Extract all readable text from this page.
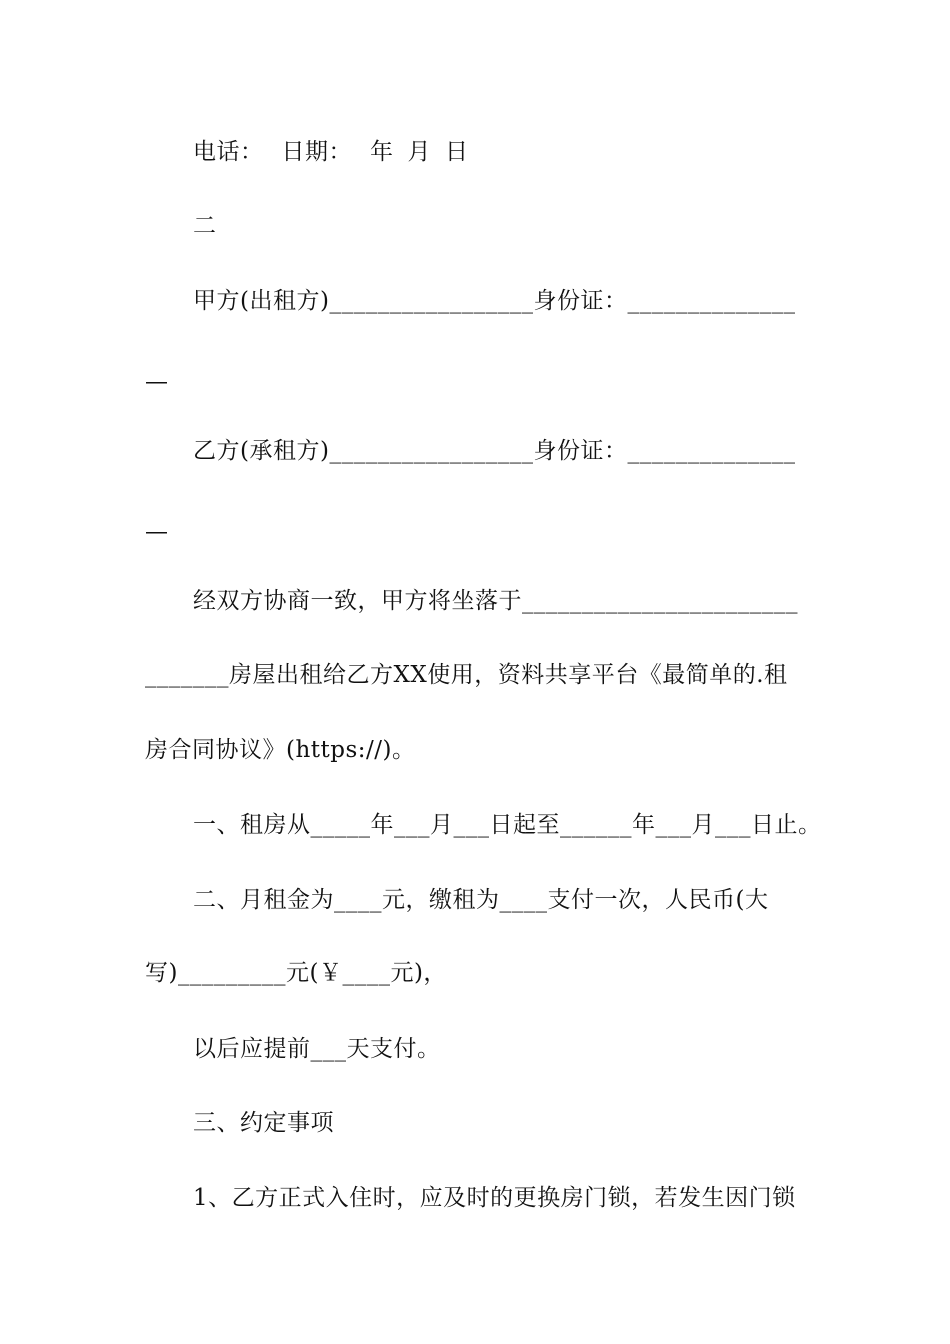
电话： 日期： 年 月 日
二
甲方(出租方)_________________身份证：______________
—
乙方(承租方)_________________身份证：______________
—
经双方协商一致，甲方将坐落于_______________________
_______房屋出租给乙方XX使用，资料共享平台《最简单的.租
房合同协议》(https://)。
一、租房从_____年___月___日起至______年___月___日止。
二、月租金为____元，缴租为____支付一次，人民币(大
写)_________元(￥____元)，
以后应提前___天支付。
三、约定事项
1、乙方正式入住时，应及时的更换房门锁，若发生因门锁
